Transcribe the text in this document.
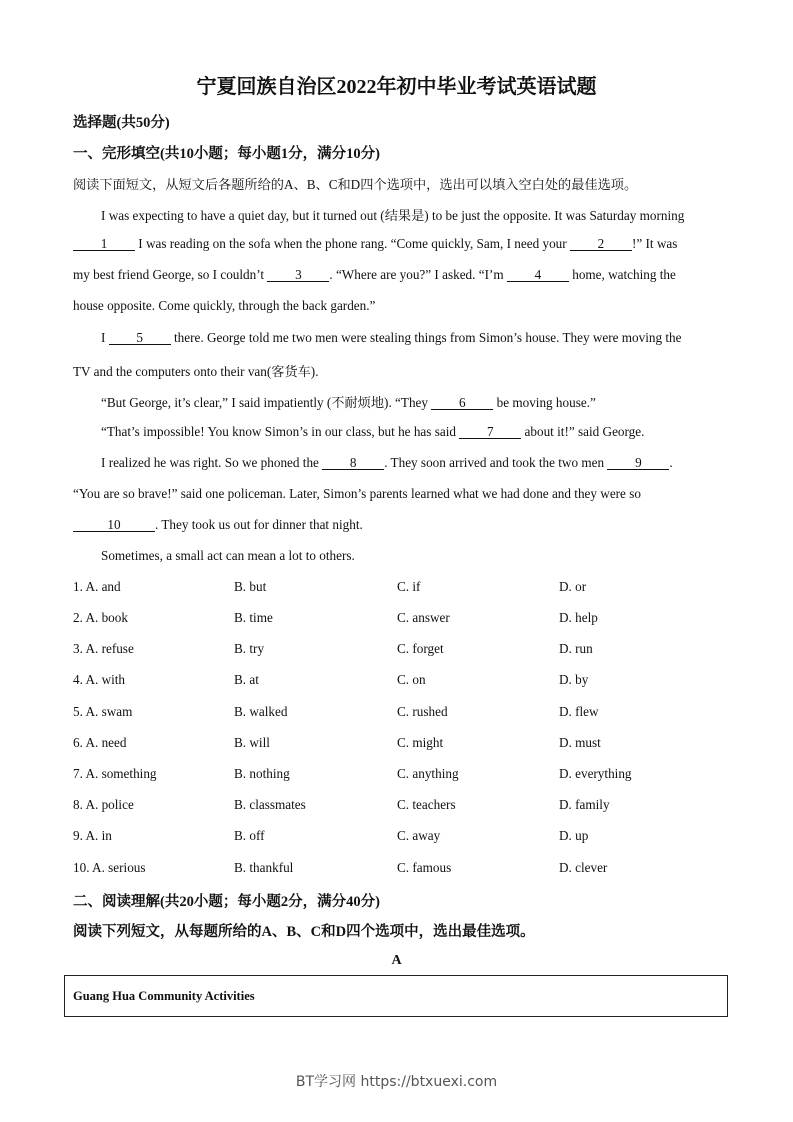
宁夏回族自治区2022年初中毕业考试英语试题
选择题(共50分)
一、完形填空(共10小题；每小题1分，满分10分)
阅读下面短文，从短文后各题所给的A、B、C和D四个选项中，选出可以填入空白处的最佳选项。
I was expecting to have a quiet day, but it turned out (结果是) to be just the opposite. It was Saturday morning
1 I was reading on the sofa when the phone rang. “Come quickly, Sam, I need your 2 !” It was
my best friend George, so I couldn’t 3 . “Where are you?” I asked. “I’m 4 home, watching the
house opposite. Come quickly, through the back garden.”
I 5 there. George told me two men were stealing things from Simon’s house. They were moving the
TV and the computers onto their van(客货车).
“But George, it’s clear,” I said impatiently (不耐烦地). “They 6 be moving house.”
“That’s impossible! You know Simon’s in our class, but he has said 7 about it!” said George.
I realized he was right. So we phoned the 8 . They soon arrived and took the two men 9 .
“You are so brave!” said one policeman. Later, Simon’s parents learned what we had done and they were so
10	. They took us out for dinner that night.
Sometimes, a small act can mean a lot to others.
1. A. and	B. but	C. if	D. or
2. A. book	B. time	C. answer	D. help
3. A. refuse	B. try	C. forget	D. run
4. A. with	B. at	C. on	D. by
5. A. swam	B. walked	C. rushed	D. flew
6. A. need	B. will	C. might	D. must
7. A. something	B. nothing	C. anything	D. everything
8. A. police	B. classmates	C. teachers	D. family
9. A. in	B. off	C. away	D. up
10. A. serious	B. thankful	C. famous	D. clever
二、阅读理解(共20小题；每小题2分，满分40分)
阅读下列短文，从每题所给的A、B、C和D四个选项中，选出最佳选项。
A
Guang Hua Community Activities
BT学习网 https://btxuexi.com
